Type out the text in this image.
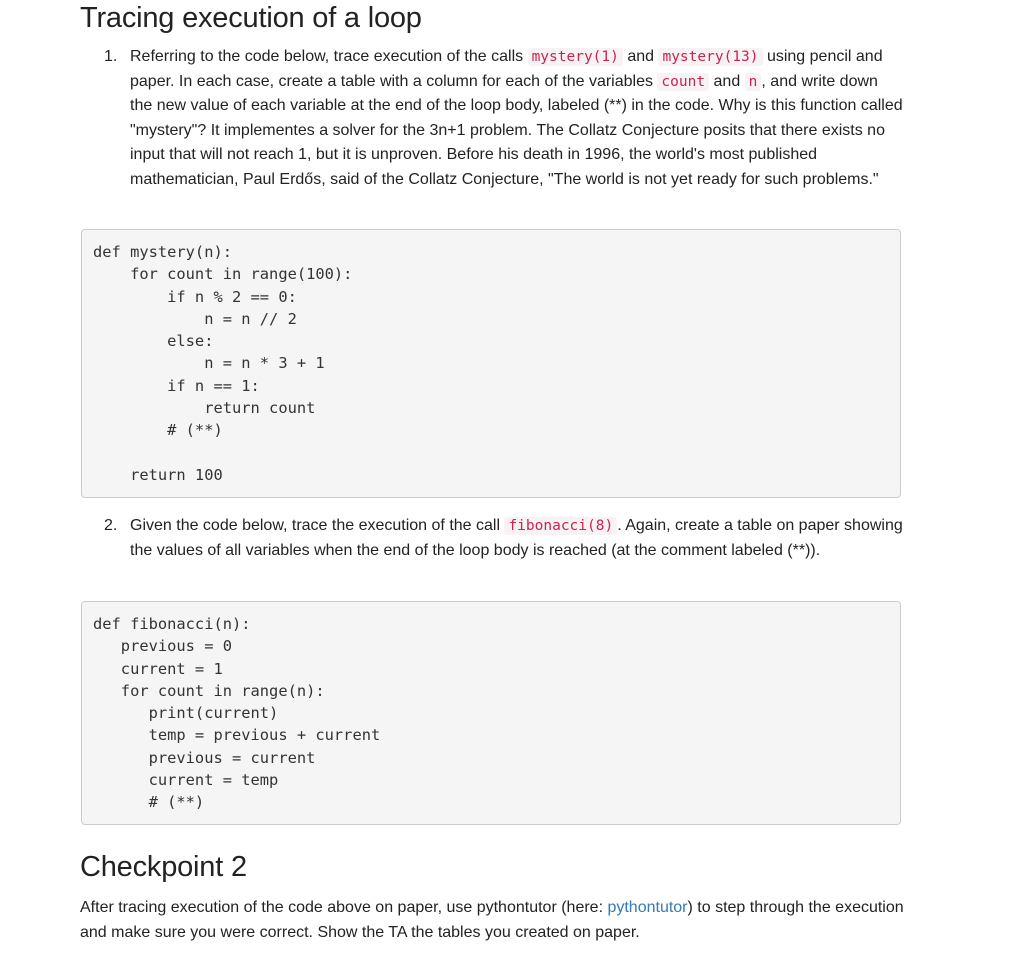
Tracing execution of a loop
1. Referring to the code below, trace execution of the calls mystery(1) and mystery(13) using pencil and paper. In each case, create a table with a column for each of the variables count and n , and write down the new value of each variable at the end of the loop body, labeled (**) in the code. Why is this function called "mystery"? It implementes a solver for the 3n+1 problem. The Collatz Conjecture posits that there exists no input that will not reach 1, but it is unproven. Before his death in 1996, the world's most published mathematician, Paul Erdős, said of the Collatz Conjecture, "The world is not yet ready for such problems."
def mystery(n):
for count in range(100):
if n % 2 == 0:
n = n // 2
else:
n = n * 3 + 1
if n == 1:
return count
# (**)
return 100
2. Given the code below, trace the execution of the call fibonacci(8) . Again, create a table on paper showing the values of all variables when the end of the loop body is reached (at the comment labeled (**)).
def fibonacci(n):
previous = 0
current = 1
for count in range(n):
print(current)
temp = previous + current
previous = current
current = temp
# (**)
Checkpoint 2

After tracing execution of the code above on paper, use pythontutor (here: pythontutor) to step through the execution and make sure you were correct. Show the TA the tables you created on paper.
